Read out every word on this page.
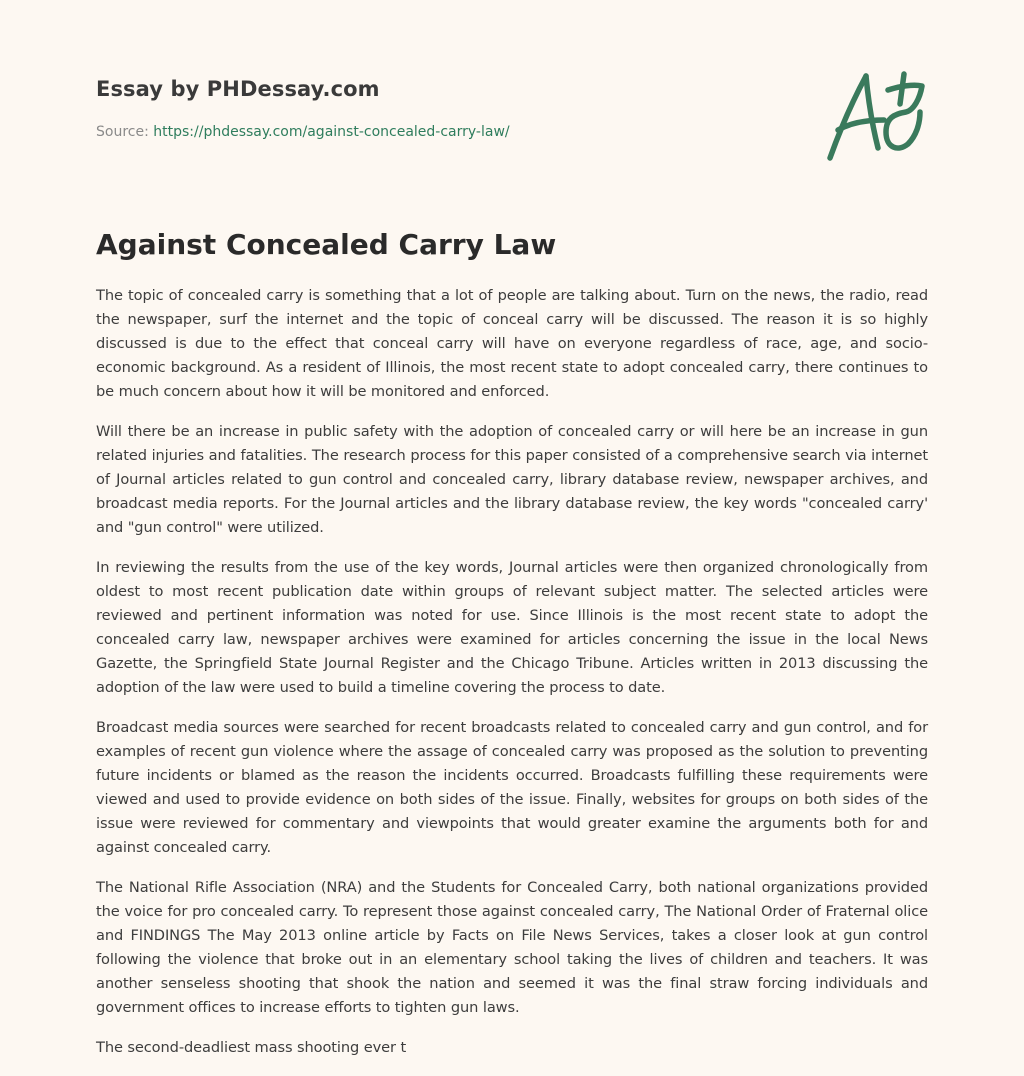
Essay by PHDessay.com
Source: https://phdessay.com/against-concealed-carry-law/
Against Concealed Carry Law

The topic of concealed carry is something that a lot of people are talking about. Turn on the news, the radio, read the newspaper, surf the internet and the topic of conceal carry will be discussed. The reason it is so highly discussed is due to the effect that conceal carry will have on everyone regardless of race, age, and socio-economic background. As a resident of Illinois, the most recent state to adopt concealed carry, there continues to be much concern about how it will be monitored and enforced.

Will there be an increase in public safety with the adoption of concealed carry or will here be an increase in gun related injuries and fatalities. The research process for this paper consisted of a comprehensive search via internet of Journal articles related to gun control and concealed carry, library database review, newspaper archives, and broadcast media reports. For the Journal articles and the library database review, the key words "concealed carry' and "gun control" were utilized.

In reviewing the results from the use of the key words, Journal articles were then organized chronologically from oldest to most recent publication date within groups of relevant subject matter. The selected articles were reviewed and pertinent information was noted for use. Since Illinois is the most recent state to adopt the concealed carry law, newspaper archives were examined for articles concerning the issue in the local News Gazette, the Springfield State Journal Register and the Chicago Tribune. Articles written in 2013 discussing the adoption of the law were used to build a timeline covering the process to date.

Broadcast media sources were searched for recent broadcasts related to concealed carry and gun control, and for examples of recent gun violence where the assage of concealed carry was proposed as the solution to preventing future incidents or blamed as the reason the incidents occurred. Broadcasts fulfilling these requirements were viewed and used to provide evidence on both sides of the issue. Finally, websites for groups on both sides of the issue were reviewed for commentary and viewpoints that would greater examine the arguments both for and against concealed carry.

The National Rifle Association (NRA) and the Students for Concealed Carry, both national organizations provided the voice for pro concealed carry. To represent those against concealed carry, The National Order of Fraternal olice and FINDINGS The May 2013 online article by Facts on File News Services, takes a closer look at gun control following the violence that broke out in an elementary school taking the lives of children and teachers. It was another senseless shooting that shook the nation and seemed it was the final straw forcing individuals and government offices to increase efforts to tighten gun laws.

The second-deadliest mass shooting ever t
